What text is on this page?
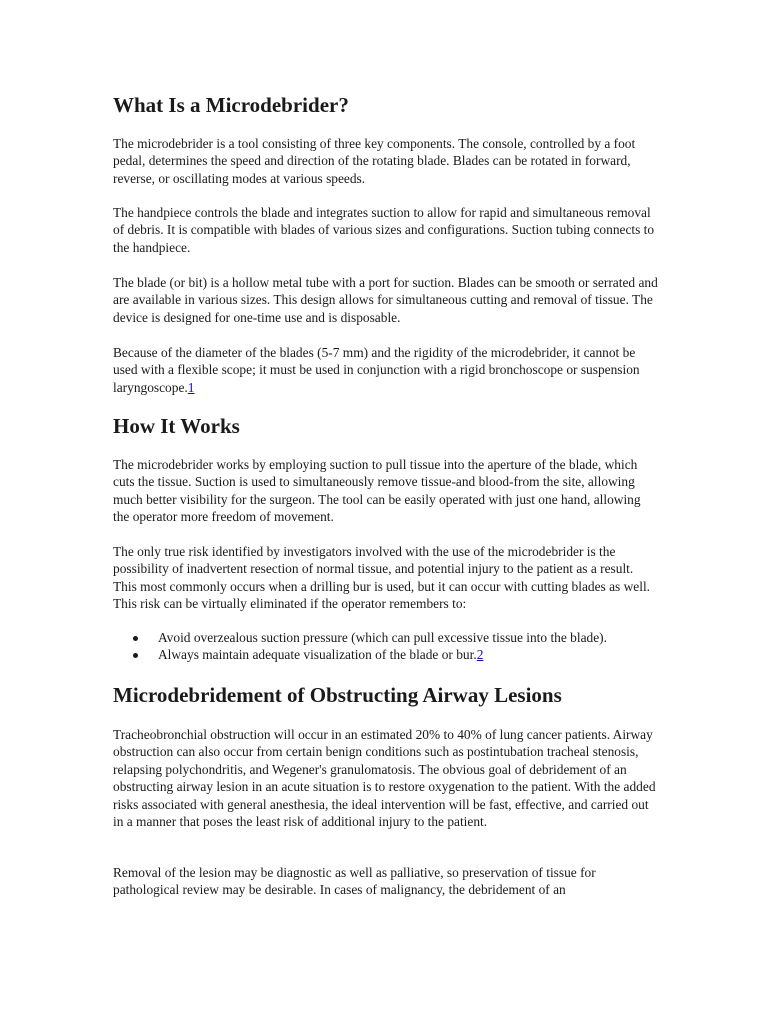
What Is a Microdebrider?

The microdebrider is a tool consisting of three key components. The console, controlled by a foot pedal, determines the speed and direction of the rotating blade. Blades can be rotated in forward, reverse, or oscillating modes at various speeds.

The handpiece controls the blade and integrates suction to allow for rapid and simultaneous removal of debris. It is compatible with blades of various sizes and configurations. Suction tubing connects to the handpiece.

The blade (or bit) is a hollow metal tube with a port for suction. Blades can be smooth or serrated and are available in various sizes. This design allows for simultaneous cutting and removal of tissue. The device is designed for one-time use and is disposable.

Because of the diameter of the blades (5-7 mm) and the rigidity of the microdebrider, it cannot be used with a flexible scope; it must be used in conjunction with a rigid bronchoscope or suspension laryngoscope.1

How It Works

The microdebrider works by employing suction to pull tissue into the aperture of the blade, which cuts the tissue. Suction is used to simultaneously remove tissue-and blood-from the site, allowing much better visibility for the surgeon. The tool can be easily operated with just one hand, allowing the operator more freedom of movement.

The only true risk identified by investigators involved with the use of the microdebrider is the possibility of inadvertent resection of normal tissue, and potential injury to the patient as a result. This most commonly occurs when a drilling bur is used, but it can occur with cutting blades as well. This risk can be virtually eliminated if the operator remembers to:

Avoid overzealous suction pressure (which can pull excessive tissue into the blade).
Always maintain adequate visualization of the blade or bur.2
Microdebridement of Obstructing Airway Lesions

Tracheobronchial obstruction will occur in an estimated 20% to 40% of lung cancer patients. Airway obstruction can also occur from certain benign conditions such as postintubation tracheal stenosis, relapsing polychondritis, and Wegener's granulomatosis. The obvious goal of debridement of an obstructing airway lesion in an acute situation is to restore oxygenation to the patient. With the added risks associated with general anesthesia, the ideal intervention will be fast, effective, and carried out in a manner that poses the least risk of additional injury to the patient.

Removal of the lesion may be diagnostic as well as palliative, so preservation of tissue for pathological review may be desirable. In cases of malignancy, the debridement of an
